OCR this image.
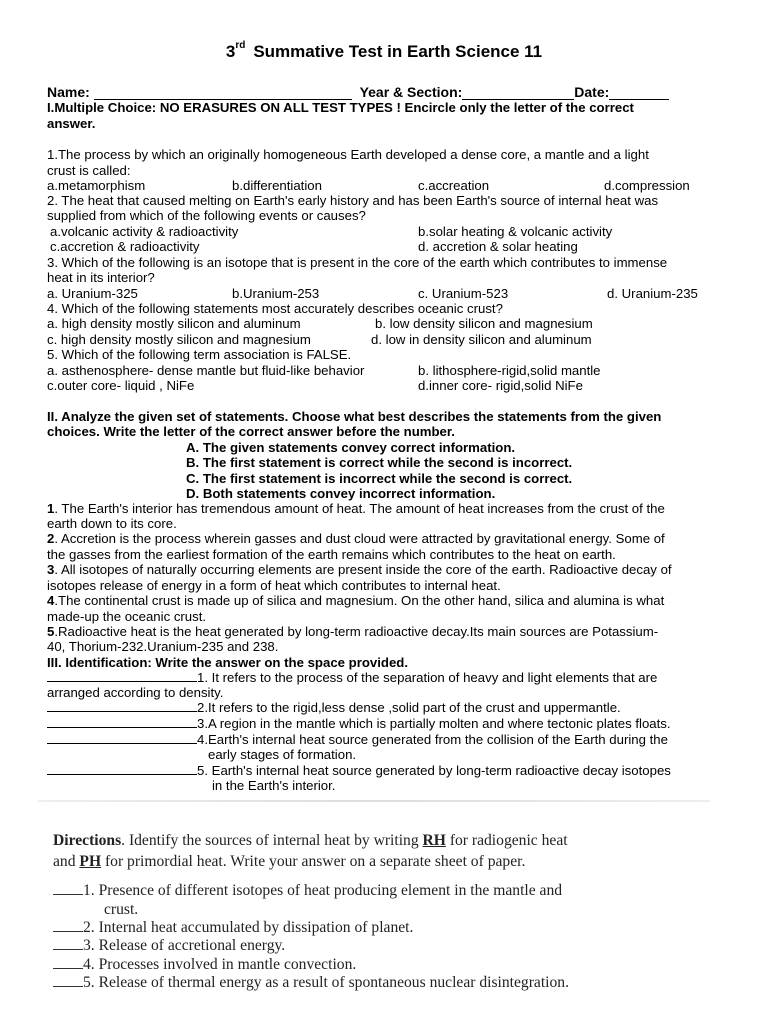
3rd Summative Test in Earth Science 11
Name:	Year & Section:	Date:
I.Multiple Choice: NO ERASURES ON ALL TEST TYPES ! Encircle only the letter of the correct
answer.
1.The process by which an originally homogeneous Earth developed a dense core, a mantle and a light
crust is called:
a.metamorphism	b.differentiation	c.accreation	d.compression
2. The heat that caused melting on Earth's early history and has been Earth's source of internal heat was
supplied from which of the following events or causes?
a.volcanic activity & radioactivity	b.solar heating & volcanic activity
c.accretion & radioactivity	d. accretion & solar heating
3. Which of the following is an isotope that is present in the core of the earth which contributes to immense
heat in its interior?
a. Uranium-325	b.Uranium-253	c. Uranium-523	d. Uranium-235
4. Which of the following statements most accurately describes oceanic crust?
a. high density mostly silicon and aluminum	b. low density silicon and magnesium
c. high density mostly silicon and magnesium	d. low in density silicon and aluminum
5. Which of the following term association is FALSE.
a. asthenosphere- dense mantle but fluid-like behavior	b. lithosphere-rigid,solid mantle
c.outer core- liquid , NiFe	d.inner core- rigid,solid NiFe
II. Analyze the given set of statements. Choose what best describes the statements from the given
choices. Write the letter of the correct answer before the number.
A. The given statements convey correct information.
B. The first statement is correct while the second is incorrect.
C. The first statement is incorrect while the second is correct.
D. Both statements convey incorrect information.
1. The Earth's interior has tremendous amount of heat. The amount of heat increases from the crust of the
earth down to its core.
2. Accretion is the process wherein gasses and dust cloud were attracted by gravitational energy. Some of
the gasses from the earliest formation of the earth remains which contributes to the heat on earth.
3. All isotopes of naturally occurring elements are present inside the core of the earth. Radioactive decay of
isotopes release of energy in a form of heat which contributes to internal heat.
4.The continental crust is made up of silica and magnesium. On the other hand, silica and alumina is what
made-up the oceanic crust.
5.Radioactive heat is the heat generated by long-term radioactive decay.Its main sources are Potassium-
40, Thorium-232.Uranium-235 and 238.
III. Identification: Write the answer on the space provided.
1. It refers to the process of the separation of heavy and light elements that are
arranged according to density.
2.It refers to the rigid,less dense ,solid part of the crust and uppermantle.
3.A region in the mantle which is partially molten and where tectonic plates floats.
4.Earth's internal heat source generated from the collision of the Earth during the
early stages of formation.
5. Earth's internal heat source generated by long-term radioactive decay isotopes
in the Earth's interior.
Directions. Identify the sources of internal heat by writing RH for radiogenic heat
and PH for primordial heat. Write your answer on a separate sheet of paper.
1. Presence of different isotopes of heat producing element in the mantle and
crust.
2. Internal heat accumulated by dissipation of planet.
3. Release of accretional energy.
4. Processes involved in mantle convection.
5. Release of thermal energy as a result of spontaneous nuclear disintegration.
